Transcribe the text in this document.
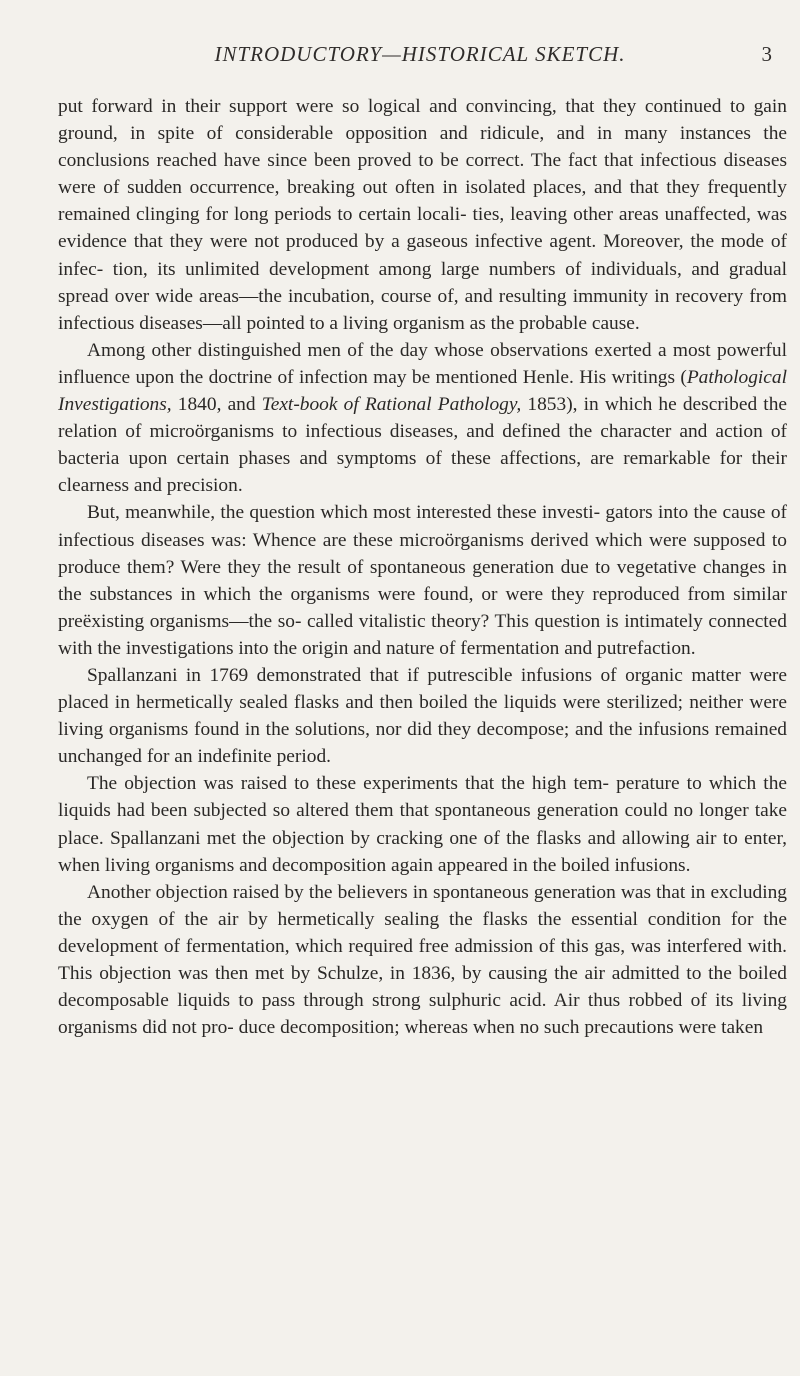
INTRODUCTORY—HISTORICAL SKETCH.	3

put forward in their support were so logical and convincing, that they continued to gain ground, in spite of considerable opposition and ridicule, and in many instances the conclusions reached have since been proved to be correct. The fact that infectious diseases were of sudden occurrence, breaking out often in isolated places, and that they frequently remained clinging for long periods to certain locali- ties, leaving other areas unaffected, was evidence that they were not produced by a gaseous infective agent. Moreover, the mode of infec- tion, its unlimited development among large numbers of individuals, and gradual spread over wide areas—the incubation, course of, and resulting immunity in recovery from infectious diseases—all pointed to a living organism as the probable cause.

Among other distinguished men of the day whose observations exerted a most powerful influence upon the doctrine of infection may be mentioned Henle. His writings (Pathological Investigations, 1840, and Text-book of Rational Pathology, 1853), in which he described the relation of microörganisms to infectious diseases, and defined the character and action of bacteria upon certain phases and symptoms of these affections, are remarkable for their clearness and precision.

But, meanwhile, the question which most interested these investi- gators into the cause of infectious diseases was: Whence are these microörganisms derived which were supposed to produce them? Were they the result of spontaneous generation due to vegetative changes in the substances in which the organisms were found, or were they reproduced from similar preëxisting organisms—the so- called vitalistic theory? This question is intimately connected with the investigations into the origin and nature of fermentation and putrefaction.

Spallanzani in 1769 demonstrated that if putrescible infusions of organic matter were placed in hermetically sealed flasks and then boiled the liquids were sterilized; neither were living organisms found in the solutions, nor did they decompose; and the infusions remained unchanged for an indefinite period.

The objection was raised to these experiments that the high tem- perature to which the liquids had been subjected so altered them that spontaneous generation could no longer take place. Spallanzani met the objection by cracking one of the flasks and allowing air to enter, when living organisms and decomposition again appeared in the boiled infusions.

Another objection raised by the believers in spontaneous generation was that in excluding the oxygen of the air by hermetically sealing the flasks the essential condition for the development of fermentation, which required free admission of this gas, was interfered with. This objection was then met by Schulze, in 1836, by causing the air admitted to the boiled decomposable liquids to pass through strong sulphuric acid. Air thus robbed of its living organisms did not pro- duce decomposition; whereas when no such precautions were taken
